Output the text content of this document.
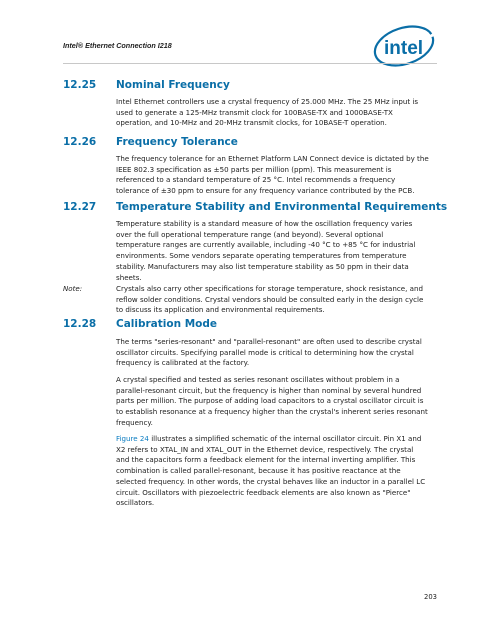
Intel® Ethernet Connection I218	intel
12.25 Nominal Frequency
Intel Ethernet controllers use a crystal frequency of 25.000 MHz. The 25 MHz input is
used to generate a 125-MHz transmit clock for 100BASE-TX and 1000BASE-TX
operation, and 10-MHz and 20-MHz transmit clocks, for 10BASE-T operation.
12.26 Frequency Tolerance
The frequency tolerance for an Ethernet Platform LAN Connect device is dictated by the
IEEE 802.3 specification as ±50 parts per million (ppm). This measurement is
referenced to a standard temperature of 25 °C. Intel recommends a frequency
tolerance of ±30 ppm to ensure for any frequency variance contributed by the PCB.
12.27 Temperature Stability and Environmental Requirements
Temperature stability is a standard measure of how the oscillation frequency varies
over the full operational temperature range (and beyond). Several optional
temperature ranges are currently available, including -40 °C to +85 °C for industrial
environments. Some vendors separate operating temperatures from temperature
stability. Manufacturers may also list temperature stability as 50 ppm in their data
sheets.
Note:	Crystals also carry other specifications for storage temperature, shock resistance, and
reflow solder conditions. Crystal vendors should be consulted early in the design cycle
to discuss its application and environmental requirements.
12.28 Calibration Mode
The terms "series-resonant" and "parallel-resonant" are often used to describe crystal
oscillator circuits. Specifying parallel mode is critical to determining how the crystal
frequency is calibrated at the factory.
A crystal specified and tested as series resonant oscillates without problem in a
parallel-resonant circuit, but the frequency is higher than nominal by several hundred
parts per million. The purpose of adding load capacitors to a crystal oscillator circuit is
to establish resonance at a frequency higher than the crystal's inherent series resonant
frequency.
Figure 24 illustrates a simplified schematic of the internal oscillator circuit. Pin X1 and
X2 refers to XTAL_IN and XTAL_OUT in the Ethernet device, respectively. The crystal
and the capacitors form a feedback element for the internal inverting amplifier. This
combination is called parallel-resonant, because it has positive reactance at the
selected frequency. In other words, the crystal behaves like an inductor in a parallel LC
circuit. Oscillators with piezoelectric feedback elements are also known as "Pierce"
oscillators.
203
